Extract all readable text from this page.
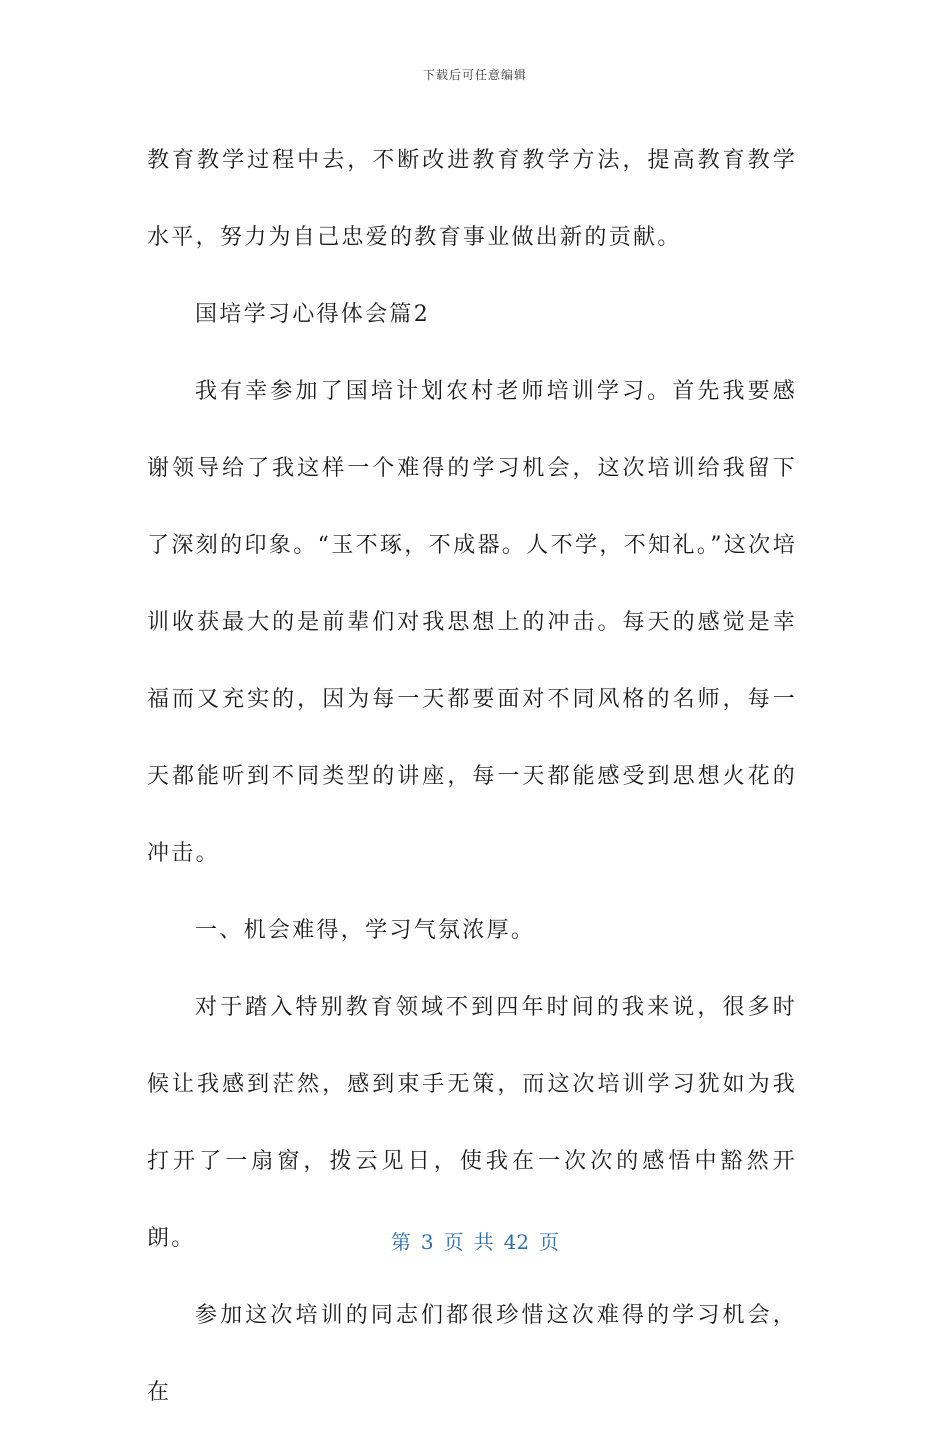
下载后可任意编辑

教育教学过程中去，不断改进教育教学方法，提高教育教学水平，努力为自己忠爱的教育事业做出新的贡献。

国培学习心得体会篇2

我有幸参加了国培计划农村老师培训学习。首先我要感谢领导给了我这样一个难得的学习机会，这次培训给我留下了深刻的印象。“玉不琢，不成器。人不学，不知礼。”这次培训收获最大的是前辈们对我思想上的冲击。每天的感觉是幸福而又充实的，因为每一天都要面对不同风格的名师，每一天都能听到不同类型的讲座，每一天都能感受到思想火花的冲击。

一、机会难得，学习气氛浓厚。

对于踏入特别教育领域不到四年时间的我来说，很多时候让我感到茫然，感到束手无策，而这次培训学习犹如为我打开了一扇窗，拨云见日，使我在一次次的感悟中豁然开朗。

参加这次培训的同志们都很珍惜这次难得的学习机会，在

第 3 页 共 42 页
